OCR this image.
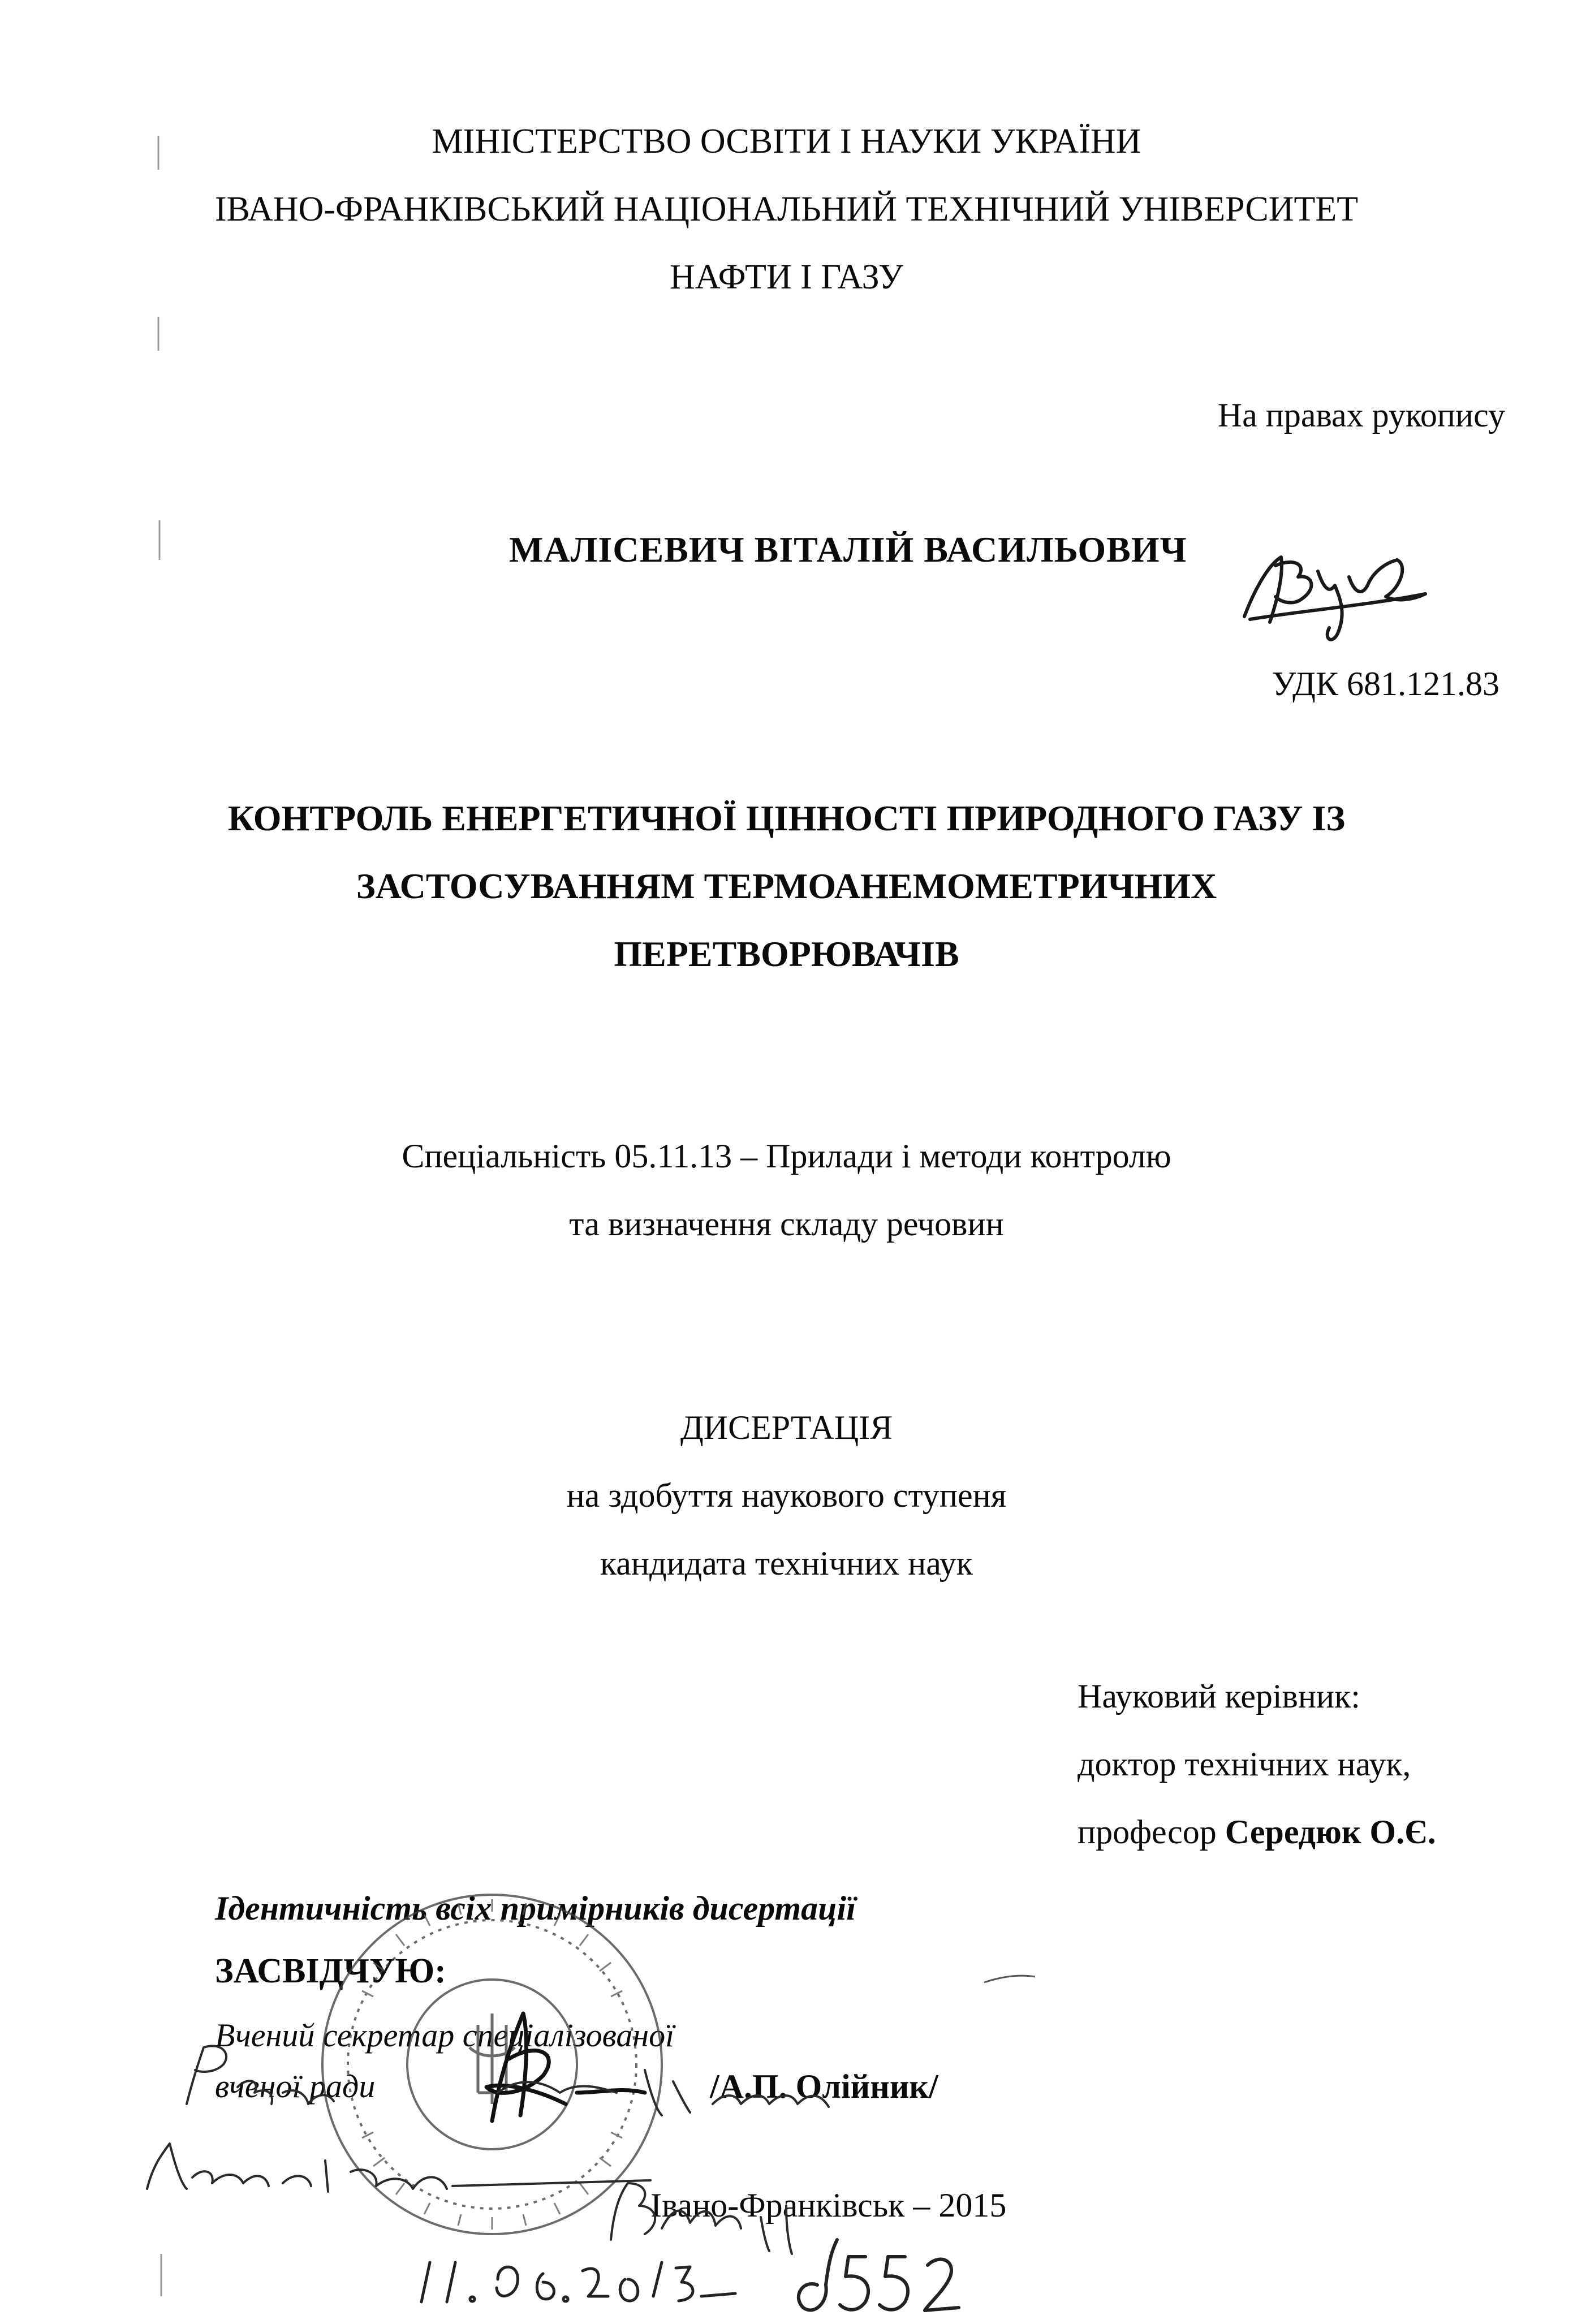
МІНІСТЕРСТВО ОСВІТИ І НАУКИ УКРАЇНИ
ІВАНО-ФРАНКІВСЬКИЙ НАЦІОНАЛЬНИЙ ТЕХНІЧНИЙ УНІВЕРСИТЕТ
НАФТИ І ГАЗУ
На правах рукопису
МАЛІСЕВИЧ ВІТАЛІЙ ВАСИЛЬОВИЧ
УДК 681.121.83
КОНТРОЛЬ ЕНЕРГЕТИЧНОЇ ЦІННОСТІ ПРИРОДНОГО ГАЗУ ІЗ
ЗАСТОСУВАННЯМ ТЕРМОАНЕМОМЕТРИЧНИХ
ПЕРЕТВОРЮВАЧІВ
Спеціальність 05.11.13 – Прилади і методи контролю
та визначення складу речовин
ДИСЕРТАЦІЯ
на здобуття наукового ступеня
кандидата технічних наук
Науковий керівник:
доктор технічних наук,
професор Середюк О.Є.
Ідентичність всіх примірників дисертації
ЗАСВІДЧУЮ:
Вчений секретар спеціалізованої
вченої ради	/А.П. Олійник/
Івано-Франківськ – 2015
